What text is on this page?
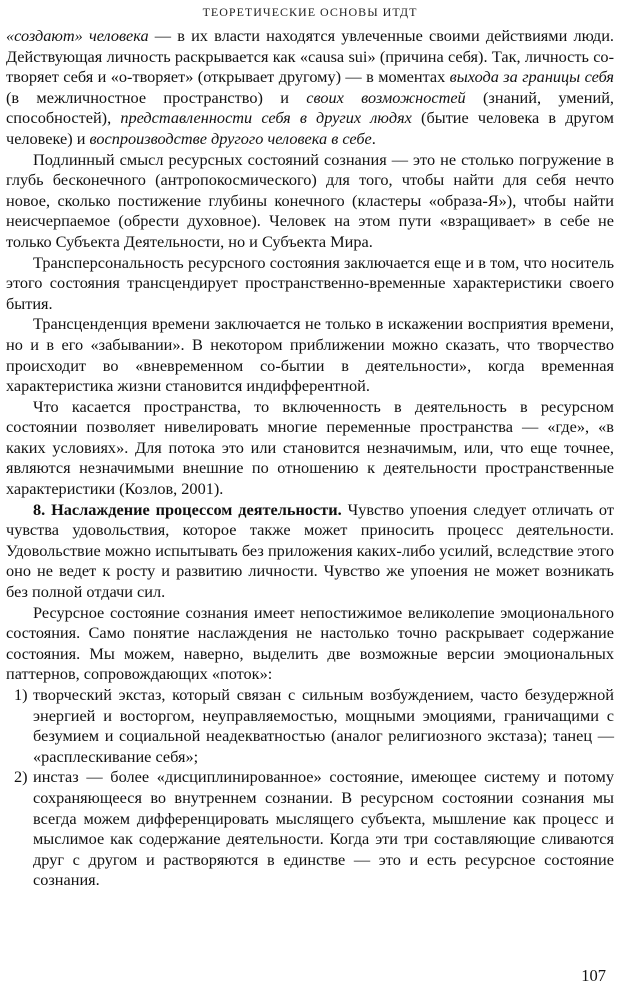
ТЕОРЕТИЧЕСКИЕ ОСНОВЫ ИТДТ

«создают» человека — в их власти находятся увлеченные своими действиями люди. Действующая личность раскрывается как «causa sui» (причина себя). Так, личность со-творяет себя и «о-творяет» (открывает другому) — в моментах выхода за границы себя (в межличностное пространство) и своих возможностей (знаний, умений, способностей), представленности себя в других людях (бытие человека в другом человеке) и воспроизводстве другого человека в себе.

Подлинный смысл ресурсных состояний сознания — это не столько погружение в глубь бесконечного (антропокосмического) для того, чтобы найти для себя нечто новое, сколько постижение глубины конечного (кластеры «образа-Я»), чтобы найти неисчерпаемое (обрести духовное). Человек на этом пути «взращивает» в себе не только Субъекта Деятельности, но и Субъекта Мира.

Трансперсональность ресурсного состояния заключается еще и в том, что носитель этого состояния трансцендирует пространственно-временные характеристики своего бытия.

Трансценденция времени заключается не только в искажении восприятия времени, но и в его «забывании». В некотором приближении можно сказать, что творчество происходит во «вневременном со-бытии в деятельности», когда временная характеристика жизни становится индифферентной.

Что касается пространства, то включенность в деятельность в ресурсном состоянии позволяет нивелировать многие переменные пространства — «где», «в каких условиях». Для потока это или становится незначимым, или, что еще точнее, являются незначимыми внешние по отношению к деятельности пространственные характеристики (Козлов, 2001).

8. Наслаждение процессом деятельности. Чувство упоения следует отличать от чувства удовольствия, которое также может приносить процесс деятельности. Удовольствие можно испытывать без приложения каких-либо усилий, вследствие этого оно не ведет к росту и развитию личности. Чувство же упоения не может возникать без полной отдачи сил.

Ресурсное состояние сознания имеет непостижимое великолепие эмоционального состояния. Само понятие наслаждения не настолько точно раскрывает содержание состояния. Мы можем, наверно, выделить две возможные версии эмоциональных паттернов, сопровождающих «поток»:

1) творческий экстаз, который связан с сильным возбуждением, часто безудержной энергией и восторгом, неуправляемостью, мощными эмоциями, граничащими с безумием и социальной неадекватностью (аналог религиозного экстаза); танец — «расплескивание себя»;
2) инстаз — более «дисциплинированное» состояние, имеющее систему и потому сохраняющееся во внутреннем сознании. В ресурсном состоянии сознания мы всегда можем дифференцировать мыслящего субъекта, мышление как процесс и мыслимое как содержание деятельности. Когда эти три составляющие сливаются друг с другом и растворяются в единстве — это и есть ресурсное состояние сознания.
107
